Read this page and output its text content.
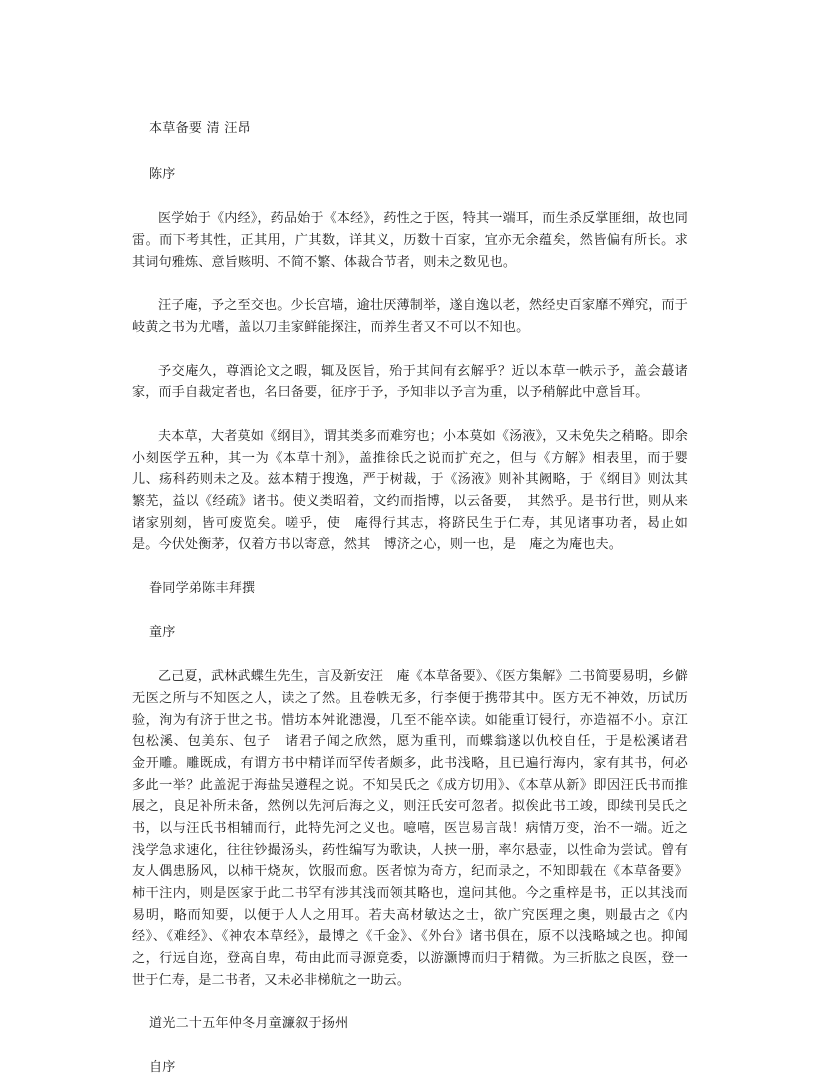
本草备要 清 汪昂
陈序

医学始于《内经》，药品始于《本经》，药性之于医，特其一端耳，而生杀反掌匪细，故也同雷。而下考其性，正其用，广其数，详其义，历数十百家，宜亦无余蕴矣，然皆偏有所长。求其词句雅炼、意旨赅明、不简不繁、体裁合节者，则未之数见也。

汪子庵，予之至交也。少长宫墙，逾壮厌薄制举，遂自逸以老，然经史百家靡不殚究，而于岐黄之书为尤嗜，盖以刀圭家鲜能探注，而养生者又不可以不知也。

予交庵久，尊酒论文之暇，辄及医旨，殆于其间有玄解乎？近以本草一帙示予，盖会蕞诸家，而手自裁定者也，名曰备要，征序于予，予知非以予言为重，以予稍解此中意旨耳。

夫本草，大者莫如《纲目》，谓其类多而难穷也；小本莫如《汤液》，又未免失之稍略。即余小刻医学五种，其一为《本草十剂》，盖推徐氏之说而扩充之，但与《方解》相表里，而于婴儿、疡科药则未之及。兹本精于搜逸，严于树裁，于《汤液》则补其阙略，于《纲目》则汰其繁芜，益以《经疏》诸书。使义类昭着，文约而指博，以云备要，　其然乎。是书行世，则从来诸家别刻，皆可废览矣。嗟乎，使　庵得行其志，将跻民生于仁寿，其见诸事功者，曷止如是。今伏处衡茅，仅着方书以寄意，然其　博济之心，则一也，是　庵之为庵也夫。

眷同学弟陈丰拜撰
童序

乙己夏，武林武蝶生先生，言及新安汪　庵《本草备要》、《医方集解》二书简要易明，乡僻无医之所与不知医之人，读之了然。且卷帙无多，行李便于携带其中。医方无不神效，历试历验，洵为有济于世之书。惜坊本舛讹漶漫，几至不能卒读。如能重订锓行，亦造福不小。京江包松溪、包美东、包子　诸君子闻之欣然，愿为重刊，而蝶翁遂以仇校自任，于是松溪诸君　金开雕。雕既成，有谓方书中精详而罕传者颇多，此书浅略，且已遍行海内，家有其书，何必多此一举？此盖泥于海盐吴遵程之说。不知吴氏之《成方切用》、《本草从新》即因汪氏书而推展之，良足补所未备，然例以先河后海之义，则汪氏安可忽者。拟俟此书工竣，即续刊吴氏之书，以与汪氏书相辅而行，此特先河之义也。噫嘻，医岂易言哉！病情万变，治不一端。近之浅学急求速化，往往钞撮汤头，药性编写为歌诀，人挟一册，率尔悬壶，以性命为尝试。曾有友人偶患肠风，以柿干烧灰，饮服而愈。医者惊为奇方，纪而录之，不知即载在《本草备要》柿干注内，则是医家于此二书罕有涉其浅而领其略也，遑问其他。今之重梓是书，正以其浅而易明，略而知要，以便于人人之用耳。若夫高材敏达之士，欲广究医理之奥，则最古之《内经》、《难经》、《神农本草经》，最博之《千金》、《外台》诸书俱在，原不以浅略域之也。抑闻之，行远自迩，登高自卑，苟由此而寻源竟委，以游灏博而归于精微。为三折肱之良医，登一世于仁寿，是二书者，又未必非梯航之一助云。

道光二十五年仲冬月童濂叙于扬州
自序
